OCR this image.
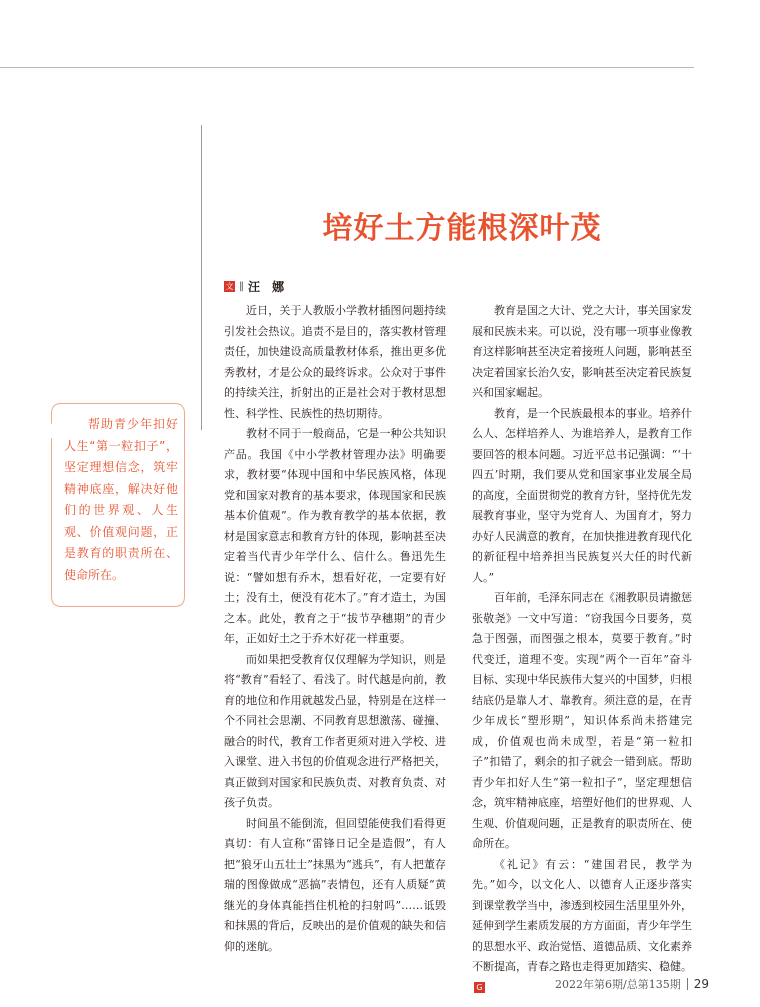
培好土方能根深叶茂
文 ‖ 汪 娜

帮助青少年扣好人生“第一粒扣子”，坚定理想信念，筑牢精神底座，解决好他们的世界观、人生观、价值观问题，正是教育的职责所在、使命所在。

近日，关于人教版小学教材插图问题持续引发社会热议。追责不是目的，落实教材管理责任，加快建设高质量教材体系，推出更多优秀教材，才是公众的最终诉求。公众对于事件的持续关注，折射出的正是社会对于教材思想性、科学性、民族性的热切期待。

教材不同于一般商品，它是一种公共知识产品。我国《中小学教材管理办法》明确要求，教材要“体现中国和中华民族风格，体现党和国家对教育的基本要求，体现国家和民族基本价值观”。作为教育教学的基本依据，教材是国家意志和教育方针的体现，影响甚至决定着当代青少年学什么、信什么。鲁迅先生说：“譬如想有乔木，想看好花，一定要有好土；没有土，便没有花木了。”育才造土，为国之本。此处，教育之于“拔节孕穗期”的青少年，正如好土之于乔木好花一样重要。

而如果把受教育仅仅理解为学知识，则是将“教育”看轻了、看浅了。时代越是向前，教育的地位和作用就越发凸显，特别是在这样一个不同社会思潮、不同教育思想激荡、碰撞、融合的时代，教育工作者更须对进入学校、进入课堂、进入书包的价值观念进行严格把关，真正做到对国家和民族负责、对教育负责、对孩子负责。

时间虽不能倒流，但回望能使我们看得更真切：有人宣称“雷锋日记全是造假”，有人把“狼牙山五壮士”抹黑为“逃兵”，有人把董存瑞的图像做成“恶搞”表情包，还有人质疑“黄继光的身体真能挡住机枪的扫射吗”……诋毁和抹黑的背后，反映出的是价值观的缺失和信仰的迷航。

教育是国之大计、党之大计，事关国家发展和民族未来。可以说，没有哪一项事业像教育这样影响甚至决定着接班人问题，影响甚至决定着国家长治久安，影响甚至决定着民族复兴和国家崛起。

教育，是一个民族最根本的事业。培养什么人、怎样培养人、为谁培养人，是教育工作要回答的根本问题。习近平总书记强调：“‘十四五’时期，我们要从党和国家事业发展全局的高度，全面贯彻党的教育方针，坚持优先发展教育事业，坚守为党育人、为国育才，努力办好人民满意的教育，在加快推进教育现代化的新征程中培养担当民族复兴大任的时代新人。”

百年前，毛泽东同志在《湘教职员请撤惩张敬尧》一文中写道：“窃我国今日要务，莫急于图强，而图强之根本，莫要于教育。”时代变迁，道理不变。实现“两个一百年”奋斗目标、实现中华民族伟大复兴的中国梦，归根结底仍是靠人才、靠教育。须注意的是，在青少年成长“塑形期”，知识体系尚未搭建完成，价值观也尚未成型，若是“第一粒扣子”扣错了，剩余的扣子就会一错到底。帮助青少年扣好人生“第一粒扣子”，坚定理想信念，筑牢精神底座，培塑好他们的世界观、人生观、价值观问题，正是教育的职责所在、使命所在。

《礼记》有云：“建国君民，教学为先。”如今，以文化人、以德育人正逐步落实到课堂教学当中，渗透到校园生活里里外外，延伸到学生素质发展的方方面面，青少年学生的思想水平、政治觉悟、道德品质、文化素养不断提高，青春之路也走得更加踏实、稳健。G	2022年第6期/总第135期 29
